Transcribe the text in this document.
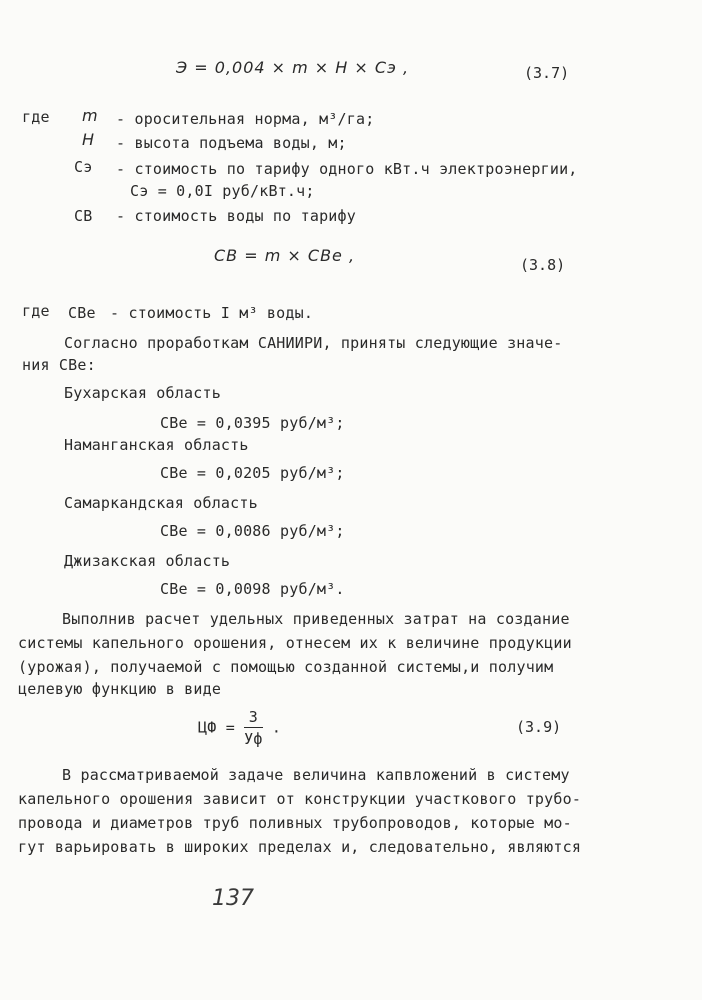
Э = 0,004 × m × H × Cэ ,	(3.7)
где m - оросительная норма, м³/га;
H - высота подъема воды, м;
Сэ - стоимость по тарифу одного кВт.ч электроэнергии,
Сэ = 0,0I руб/кВт.ч;
СВ - стоимость воды по тарифу
СВ = m × СВe ,	(3.8)
где СВe - стоимость I м³ воды.
Согласно проработкам САНИИРИ, приняты следующие значе-
ния СВe:
Бухарская область
СВе = 0,0395 руб/м³;
Наманганская область
СВе = 0,0205 руб/м³;
Самаркандская область
СВе = 0,0086 руб/м³;
Джизакская область
СВе = 0,0098 руб/м³.
Выполнив расчет удельных приведенных затрат на создание
системы капельного орошения, отнесем их к величине продукции
(урожая), получаемой с помощью созданной системы,и получим
целевую функцию в виде
ЦФ = $\frac{З}{Уф}$ .	(3.9)
В рассматриваемой задаче величина капвложений в систему
капельного орошения зависит от конструкции участкового трубо-
провода и диаметров труб поливных трубопроводов, которые мо-
гут варьировать в широких пределах и, следовательно, являются
137
